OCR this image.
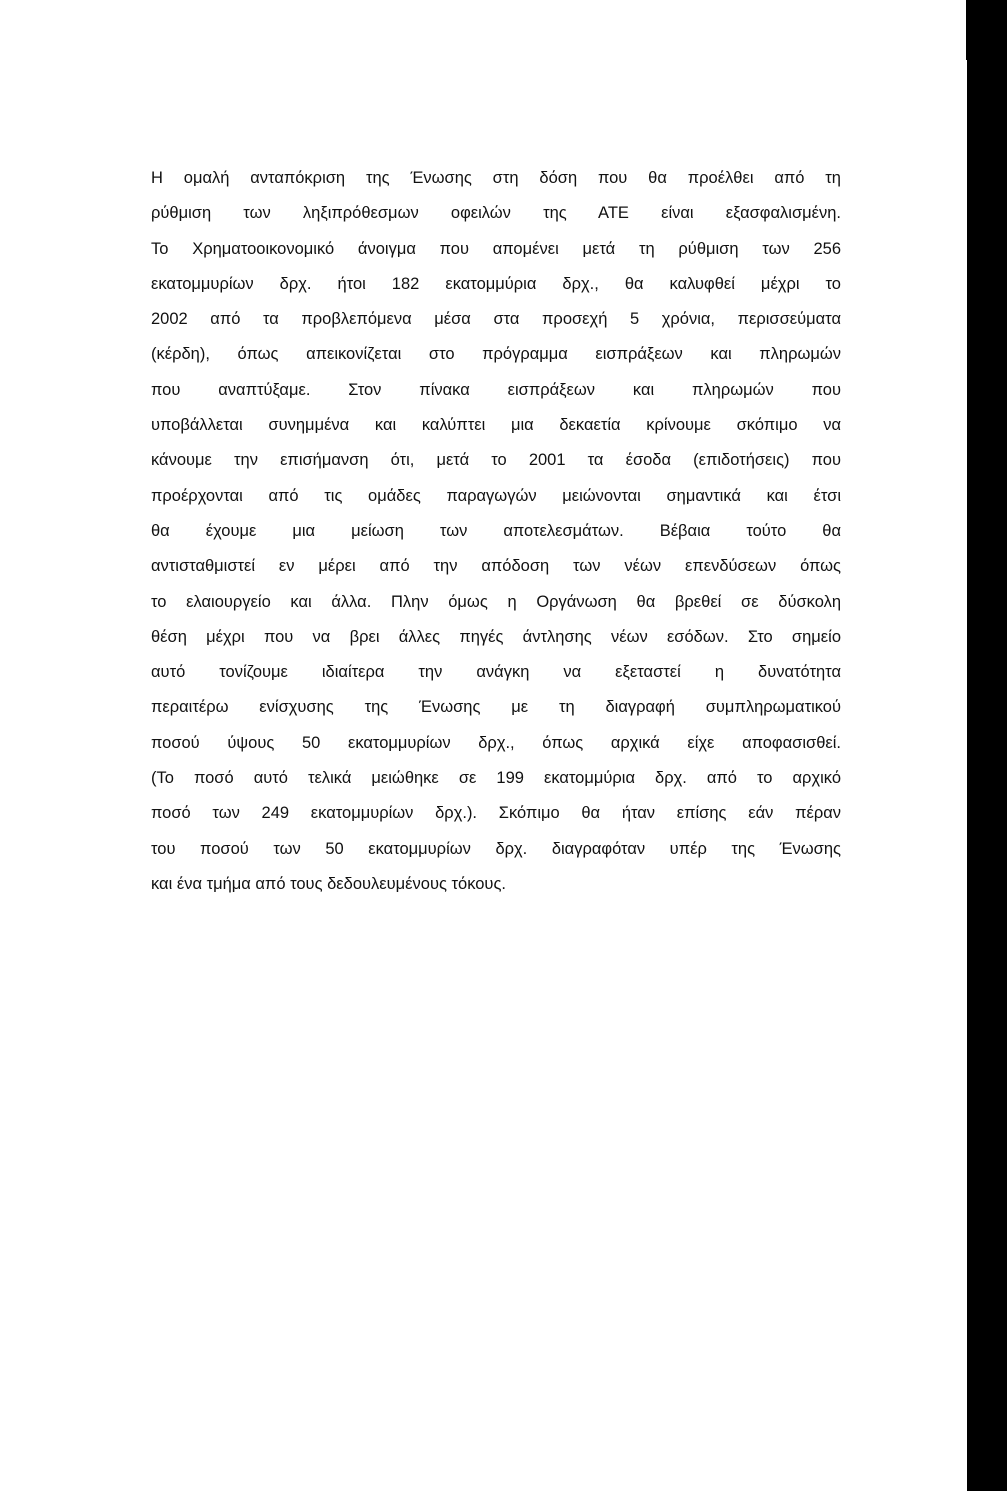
Η ομαλή ανταπόκριση της Ένωσης στη δόση που θα προέλθει από τη
ρύθμιση των ληξιπρόθεσμων οφειλών της ΑΤΕ είναι εξασφαλισμένη.
Το Χρηματοοικονομικό άνοιγμα που απομένει μετά τη ρύθμιση των 256
εκατομμυρίων δρχ. ήτοι 182 εκατομμύρια δρχ., θα καλυφθεί μέχρι το
2002 από τα προβλεπόμενα μέσα στα προσεχή 5 χρόνια, περισσεύματα
(κέρδη), όπως απεικονίζεται στο πρόγραμμα εισπράξεων και πληρωμών
που αναπτύξαμε. Στον πίνακα εισπράξεων και πληρωμών που
υποβάλλεται συνημμένα και καλύπτει μια δεκαετία κρίνουμε σκόπιμο να
κάνουμε την επισήμανση ότι, μετά το 2001 τα έσοδα (επιδοτήσεις) που
προέρχονται από τις ομάδες παραγωγών μειώνονται σημαντικά και έτσι
θα έχουμε μια μείωση των αποτελεσμάτων. Βέβαια τούτο θα
αντισταθμιστεί εν μέρει από την απόδοση των νέων επενδύσεων όπως
το ελαιουργείο και άλλα. Πλην όμως η Οργάνωση θα βρεθεί σε δύσκολη
θέση μέχρι που να βρει άλλες πηγές άντλησης νέων εσόδων. Στο σημείο
αυτό τονίζουμε ιδιαίτερα την ανάγκη να εξεταστεί η δυνατότητα
περαιτέρω ενίσχυσης της Ένωσης με τη διαγραφή συμπληρωματικού
ποσού ύψους 50 εκατομμυρίων δρχ., όπως αρχικά είχε αποφασισθεί.
(Το ποσό αυτό τελικά μειώθηκε σε 199 εκατομμύρια δρχ. από το αρχικό
ποσό των 249 εκατομμυρίων δρχ.). Σκόπιμο θα ήταν επίσης εάν πέραν
του ποσού των 50 εκατομμυρίων δρχ. διαγραφόταν υπέρ της Ένωσης
και ένα τμήμα από τους δεδουλευμένους τόκους.
